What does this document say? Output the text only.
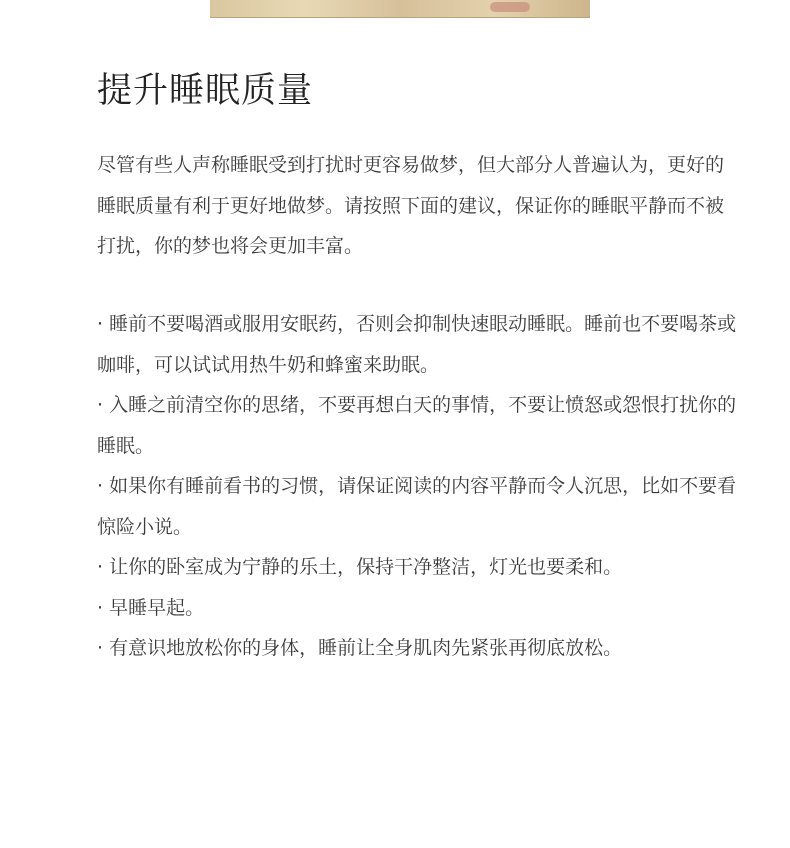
提升睡眠质量

尽管有些人声称睡眠受到打扰时更容易做梦，但大部分人普遍认为，更好的睡眠质量有利于更好地做梦。请按照下面的建议，保证你的睡眠平静而不被打扰，你的梦也将会更加丰富。

· 睡前不要喝酒或服用安眠药，否则会抑制快速眼动睡眠。睡前也不要喝茶或咖啡，可以试试用热牛奶和蜂蜜来助眠。
· 入睡之前清空你的思绪，不要再想白天的事情，不要让愤怒或怨恨打扰你的睡眠。
· 如果你有睡前看书的习惯，请保证阅读的内容平静而令人沉思，比如不要看惊险小说。
· 让你的卧室成为宁静的乐土，保持干净整洁，灯光也要柔和。
· 早睡早起。
· 有意识地放松你的身体，睡前让全身肌肉先紧张再彻底放松。
